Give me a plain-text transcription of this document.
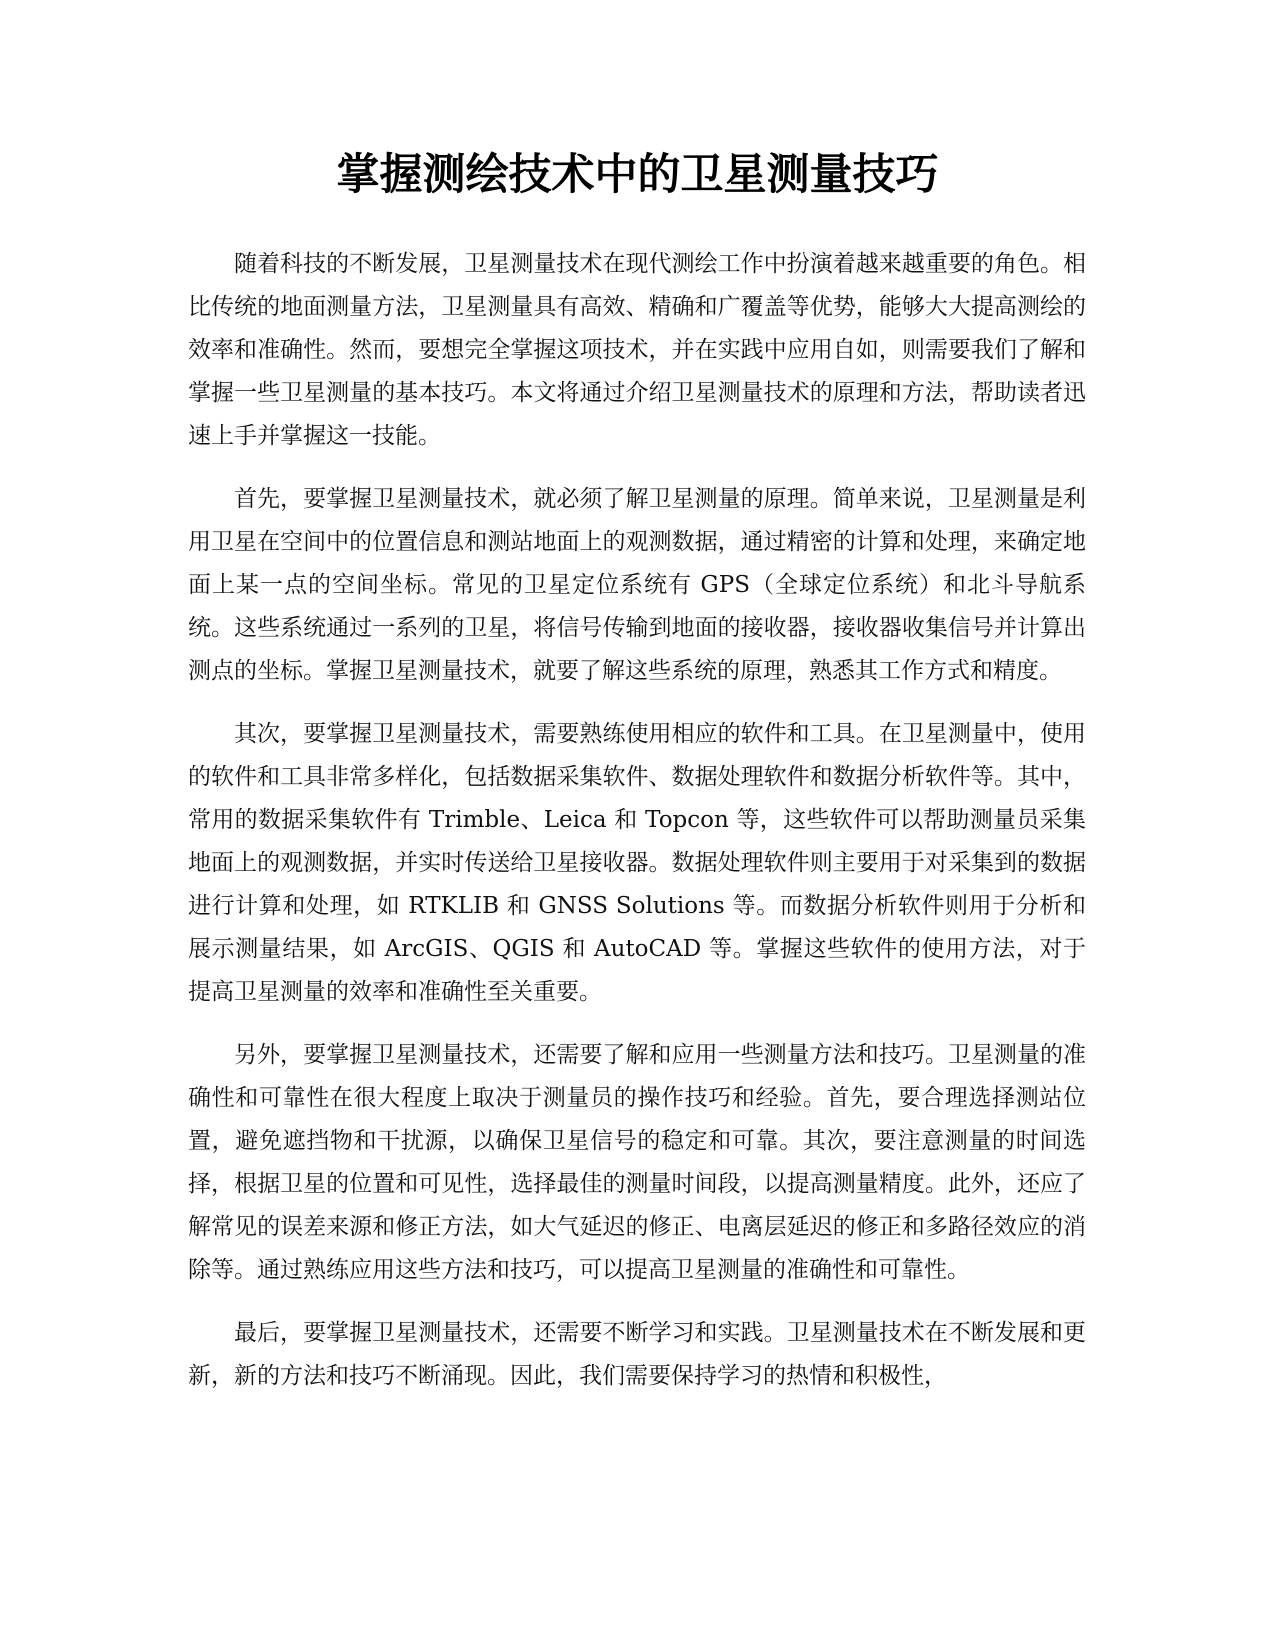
掌握测绘技术中的卫星测量技巧

随着科技的不断发展，卫星测量技术在现代测绘工作中扮演着越来越重要的角色。相比传统的地面测量方法，卫星测量具有高效、精确和广覆盖等优势，能够大大提高测绘的效率和准确性。然而，要想完全掌握这项技术，并在实践中应用自如，则需要我们了解和掌握一些卫星测量的基本技巧。本文将通过介绍卫星测量技术的原理和方法，帮助读者迅速上手并掌握这一技能。

首先，要掌握卫星测量技术，就必须了解卫星测量的原理。简单来说，卫星测量是利用卫星在空间中的位置信息和测站地面上的观测数据，通过精密的计算和处理，来确定地面上某一点的空间坐标。常见的卫星定位系统有 GPS（全球定位系统）和北斗导航系统。这些系统通过一系列的卫星，将信号传输到地面的接收器，接收器收集信号并计算出测点的坐标。掌握卫星测量技术，就要了解这些系统的原理，熟悉其工作方式和精度。

其次，要掌握卫星测量技术，需要熟练使用相应的软件和工具。在卫星测量中，使用的软件和工具非常多样化，包括数据采集软件、数据处理软件和数据分析软件等。其中，常用的数据采集软件有 Trimble、Leica 和 Topcon 等，这些软件可以帮助测量员采集地面上的观测数据，并实时传送给卫星接收器。数据处理软件则主要用于对采集到的数据进行计算和处理，如 RTKLIB 和 GNSS Solutions 等。而数据分析软件则用于分析和展示测量结果，如 ArcGIS、QGIS 和 AutoCAD 等。掌握这些软件的使用方法，对于提高卫星测量的效率和准确性至关重要。

另外，要掌握卫星测量技术，还需要了解和应用一些测量方法和技巧。卫星测量的准确性和可靠性在很大程度上取决于测量员的操作技巧和经验。首先，要合理选择测站位置，避免遮挡物和干扰源，以确保卫星信号的稳定和可靠。其次，要注意测量的时间选择，根据卫星的位置和可见性，选择最佳的测量时间段，以提高测量精度。此外，还应了解常见的误差来源和修正方法，如大气延迟的修正、电离层延迟的修正和多路径效应的消除等。通过熟练应用这些方法和技巧，可以提高卫星测量的准确性和可靠性。

最后，要掌握卫星测量技术，还需要不断学习和实践。卫星测量技术在不断发展和更新，新的方法和技巧不断涌现。因此，我们需要保持学习的热情和积极性，
